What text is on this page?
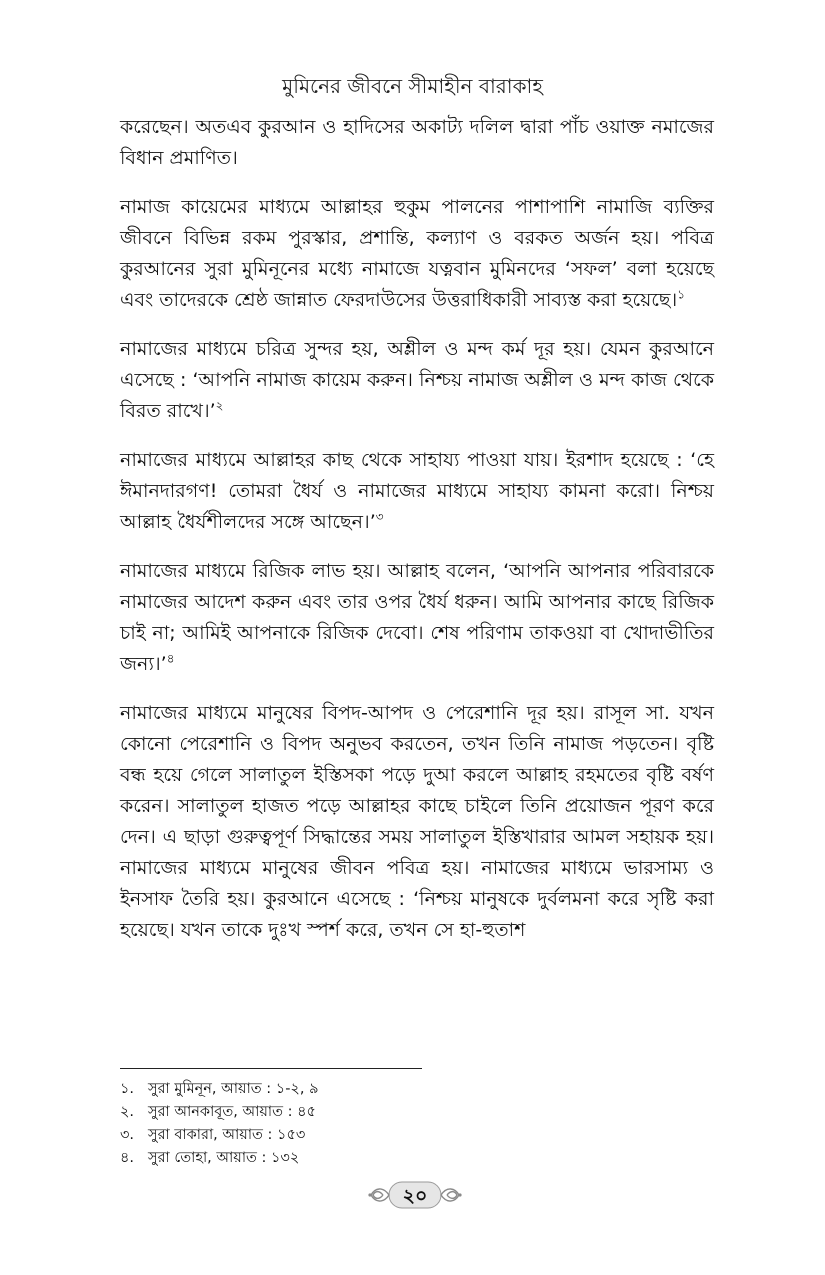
মুমিনের জীবনে সীমাহীন বারাকাহ

করেছেন। অতএব কুরআন ও হাদিসের অকাট্য দলিল দ্বারা পাঁচ ওয়াক্ত নমাজের বিধান প্রমাণিত।

নামাজ কায়েমের মাধ্যমে আল্লাহর হুকুম পালনের পাশাপাশি নামাজি ব্যক্তির জীবনে বিভিন্ন রকম পুরস্কার, প্রশান্তি, কল্যাণ ও বরকত অর্জন হয়। পবিত্র কুরআনের সুরা মুমিনূনের মধ্যে নামাজে যত্নবান মুমিনদের ‘সফল’ বলা হয়েছে এবং তাদেরকে শ্রেষ্ঠ জান্নাত ফেরদাউসের উত্তরাধিকারী সাব্যস্ত করা হয়েছে।$^১$

নামাজের মাধ্যমে চরিত্র সুন্দর হয়, অশ্লীল ও মন্দ কর্ম দূর হয়। যেমন কুরআনে এসেছে : ‘আপনি নামাজ কায়েম করুন। নিশ্চয় নামাজ অশ্লীল ও মন্দ কাজ থেকে বিরত রাখে।’$^২$

নামাজের মাধ্যমে আল্লাহর কাছ থেকে সাহায্য পাওয়া যায়। ইরশাদ হয়েছে : ‘হে ঈমানদারগণ! তোমরা ধৈর্য ও নামাজের মাধ্যমে সাহায্য কামনা করো। নিশ্চয় আল্লাহ ধৈর্যশীলদের সঙ্গে আছেন।’$^৩$

নামাজের মাধ্যমে রিজিক লাভ হয়। আল্লাহ বলেন, ‘আপনি আপনার পরিবারকে নামাজের আদেশ করুন এবং তার ওপর ধৈর্য ধরুন। আমি আপনার কাছে রিজিক চাই না; আমিই আপনাকে রিজিক দেবো। শেষ পরিণাম তাকওয়া বা খোদাভীতির জন্য।’$^৪$

নামাজের মাধ্যমে মানুষের বিপদ-আপদ ও পেরেশানি দূর হয়। রাসূল সা. যখন কোনো পেরেশানি ও বিপদ অনুভব করতেন, তখন তিনি নামাজ পড়তেন। বৃষ্টি বন্ধ হয়ে গেলে সালাতুল ইস্তিসকা পড়ে দুআ করলে আল্লাহ রহমতের বৃষ্টি বর্ষণ করেন। সালাতুল হাজত পড়ে আল্লাহর কাছে চাইলে তিনি প্রয়োজন পূরণ করে দেন। এ ছাড়া গুরুত্বপূর্ণ সিদ্ধান্তের সময় সালাতুল ইস্তিখারার আমল সহায়ক হয়। নামাজের মাধ্যমে মানুষের জীবন পবিত্র হয়। নামাজের মাধ্যমে ভারসাম্য ও ইনসাফ তৈরি হয়। কুরআনে এসেছে : ‘নিশ্চয় মানুষকে দুর্বলমনা করে সৃষ্টি করা হয়েছে। যখন তাকে দুঃখ স্পর্শ করে, তখন সে হা-হুতাশ

১. সুরা মুমিনূন, আয়াত : ১-২, ৯
২. সুরা আনকাবূত, আয়াত : ৪৫
৩. সুরা বাকারা, আয়াত : ১৫৩
৪. সুরা তোহা, আয়াত : ১৩২
২০
